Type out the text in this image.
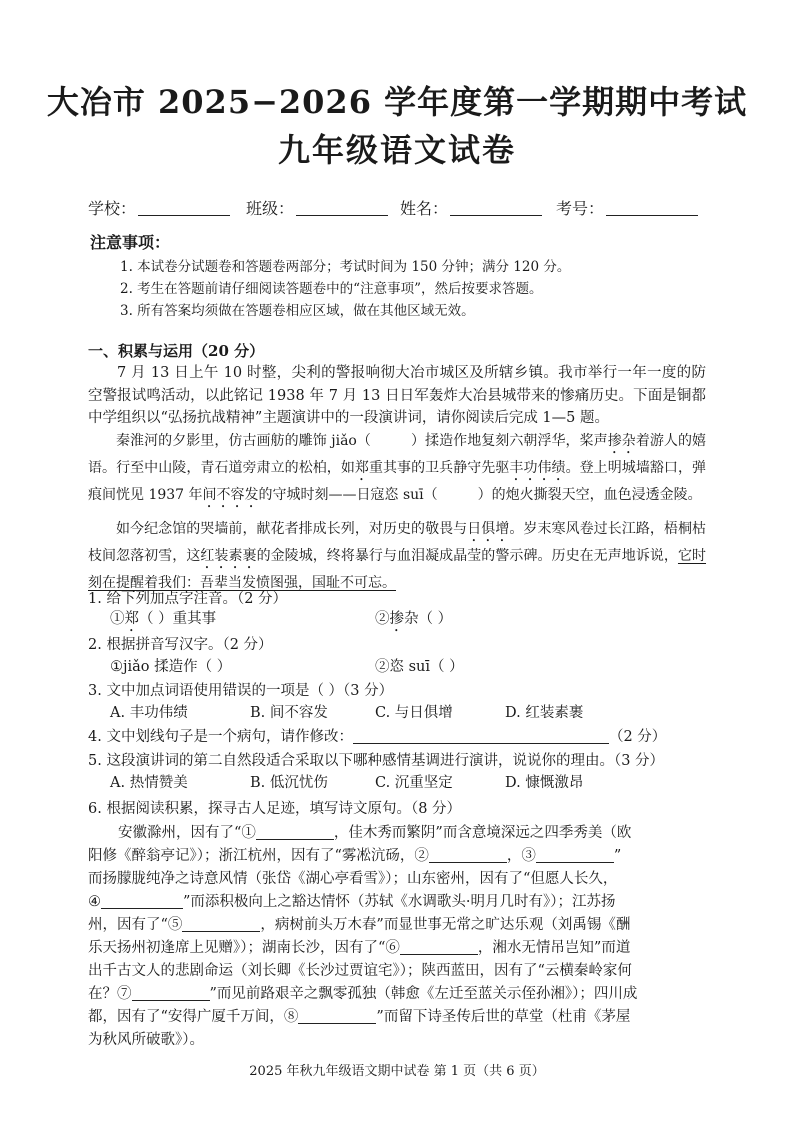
大冶市 2025−2026 学年度第一学期期中考试
九年级语文试卷
学校：	班级：	姓名：	考号：
注意事项：
1. 本试卷分试题卷和答题卷两部分；考试时间为 150 分钟；满分 120 分。
2. 考生在答题前请仔细阅读答题卷中的“注意事项”，然后按要求答题。
3. 所有答案均须做在答题卷相应区域，做在其他区域无效。
一、积累与运用（20 分）

7 月 13 日上午 10 时整，尖利的警报响彻大冶市城区及所辖乡镇。我市举行一年一度的防空警报试鸣活动，以此铭记 1938 年 7 月 13 日日军轰炸大冶县城带来的惨痛历史。下面是铜都中学组织以“弘扬抗战精神”主题演讲中的一段演讲词，请你阅读后完成 1—5 题。

秦淮河的夕影里，仿古画舫的雕饰 jiǎo（	）揉造作地复刻六朝浮华，桨声掺杂着游人的嬉语。行至中山陵，青石道旁肃立的松柏，如郑重其事的卫兵静守先驱丰功伟绩。登上明城墙豁口，弹痕间恍见 1937 年间不容发的守城时刻——日寇恣 suī（	）的炮火撕裂天空，血色浸透金陵。

如今纪念馆的哭墙前，献花者排成长列，对历史的敬畏与日俱增。岁末寒风卷过长江路，梧桐枯枝间忽落初雪，这红装素裹的金陵城，终将暴行与血泪凝成晶莹的警示碑。历史在无声地诉说，它时刻在提醒着我们：吾辈当发愤图强，国耻不可忘。

1. 给下列加点字注音。（2 分）
①郑（ ）重其事	②掺杂（ ）
2. 根据拼音写汉字。（2 分）
①jiǎo 揉造作（ ）	②恣 suī（ ）
3. 文中加点词语使用错误的一项是（ ）（3 分）
A. 丰功伟绩	B. 间不容发	C. 与日俱增	D. 红装素裹
4. 文中划线句子是一个病句，请作修改：	（2 分）
5. 这段演讲词的第二自然段适合采取以下哪种感情基调进行演讲，说说你的理由。（3 分）
A. 热情赞美	B. 低沉忧伤	C. 沉重坚定	D. 慷慨激昂
6. 根据阅读积累，探寻古人足迹，填写诗文原句。（8 分）
安徽滁州，因有了“①	，佳木秀而繁阴”而含意境深远之四季秀美（欧
阳修《醉翁亭记》）；浙江杭州，因有了“雾凇沆砀，②	，③	”
而扬朦胧纯净之诗意风情（张岱《湖心亭看雪》）；山东密州，因有了“但愿人长久，
④	”而添积极向上之豁达情怀（苏轼《水调歌头·明月几时有》）；江苏扬
州，因有了“⑤	，病树前头万木春”而显世事无常之旷达乐观（刘禹锡《酬
乐天扬州初逢席上见赠》）；湖南长沙，因有了“⑥	，湘水无情吊岂知”而道
出千古文人的悲剧命运（刘长卿《长沙过贾谊宅》）；陕西蓝田，因有了“云横秦岭家何
在？⑦	”而见前路艰辛之飘零孤独（韩愈《左迁至蓝关示侄孙湘》）；四川成
都，因有了“安得广厦千万间，⑧	”而留下诗圣传后世的草堂（杜甫《茅屋
为秋风所破歌》）。
2025 年秋九年级语文期中试卷 第 1 页（共 6 页）
